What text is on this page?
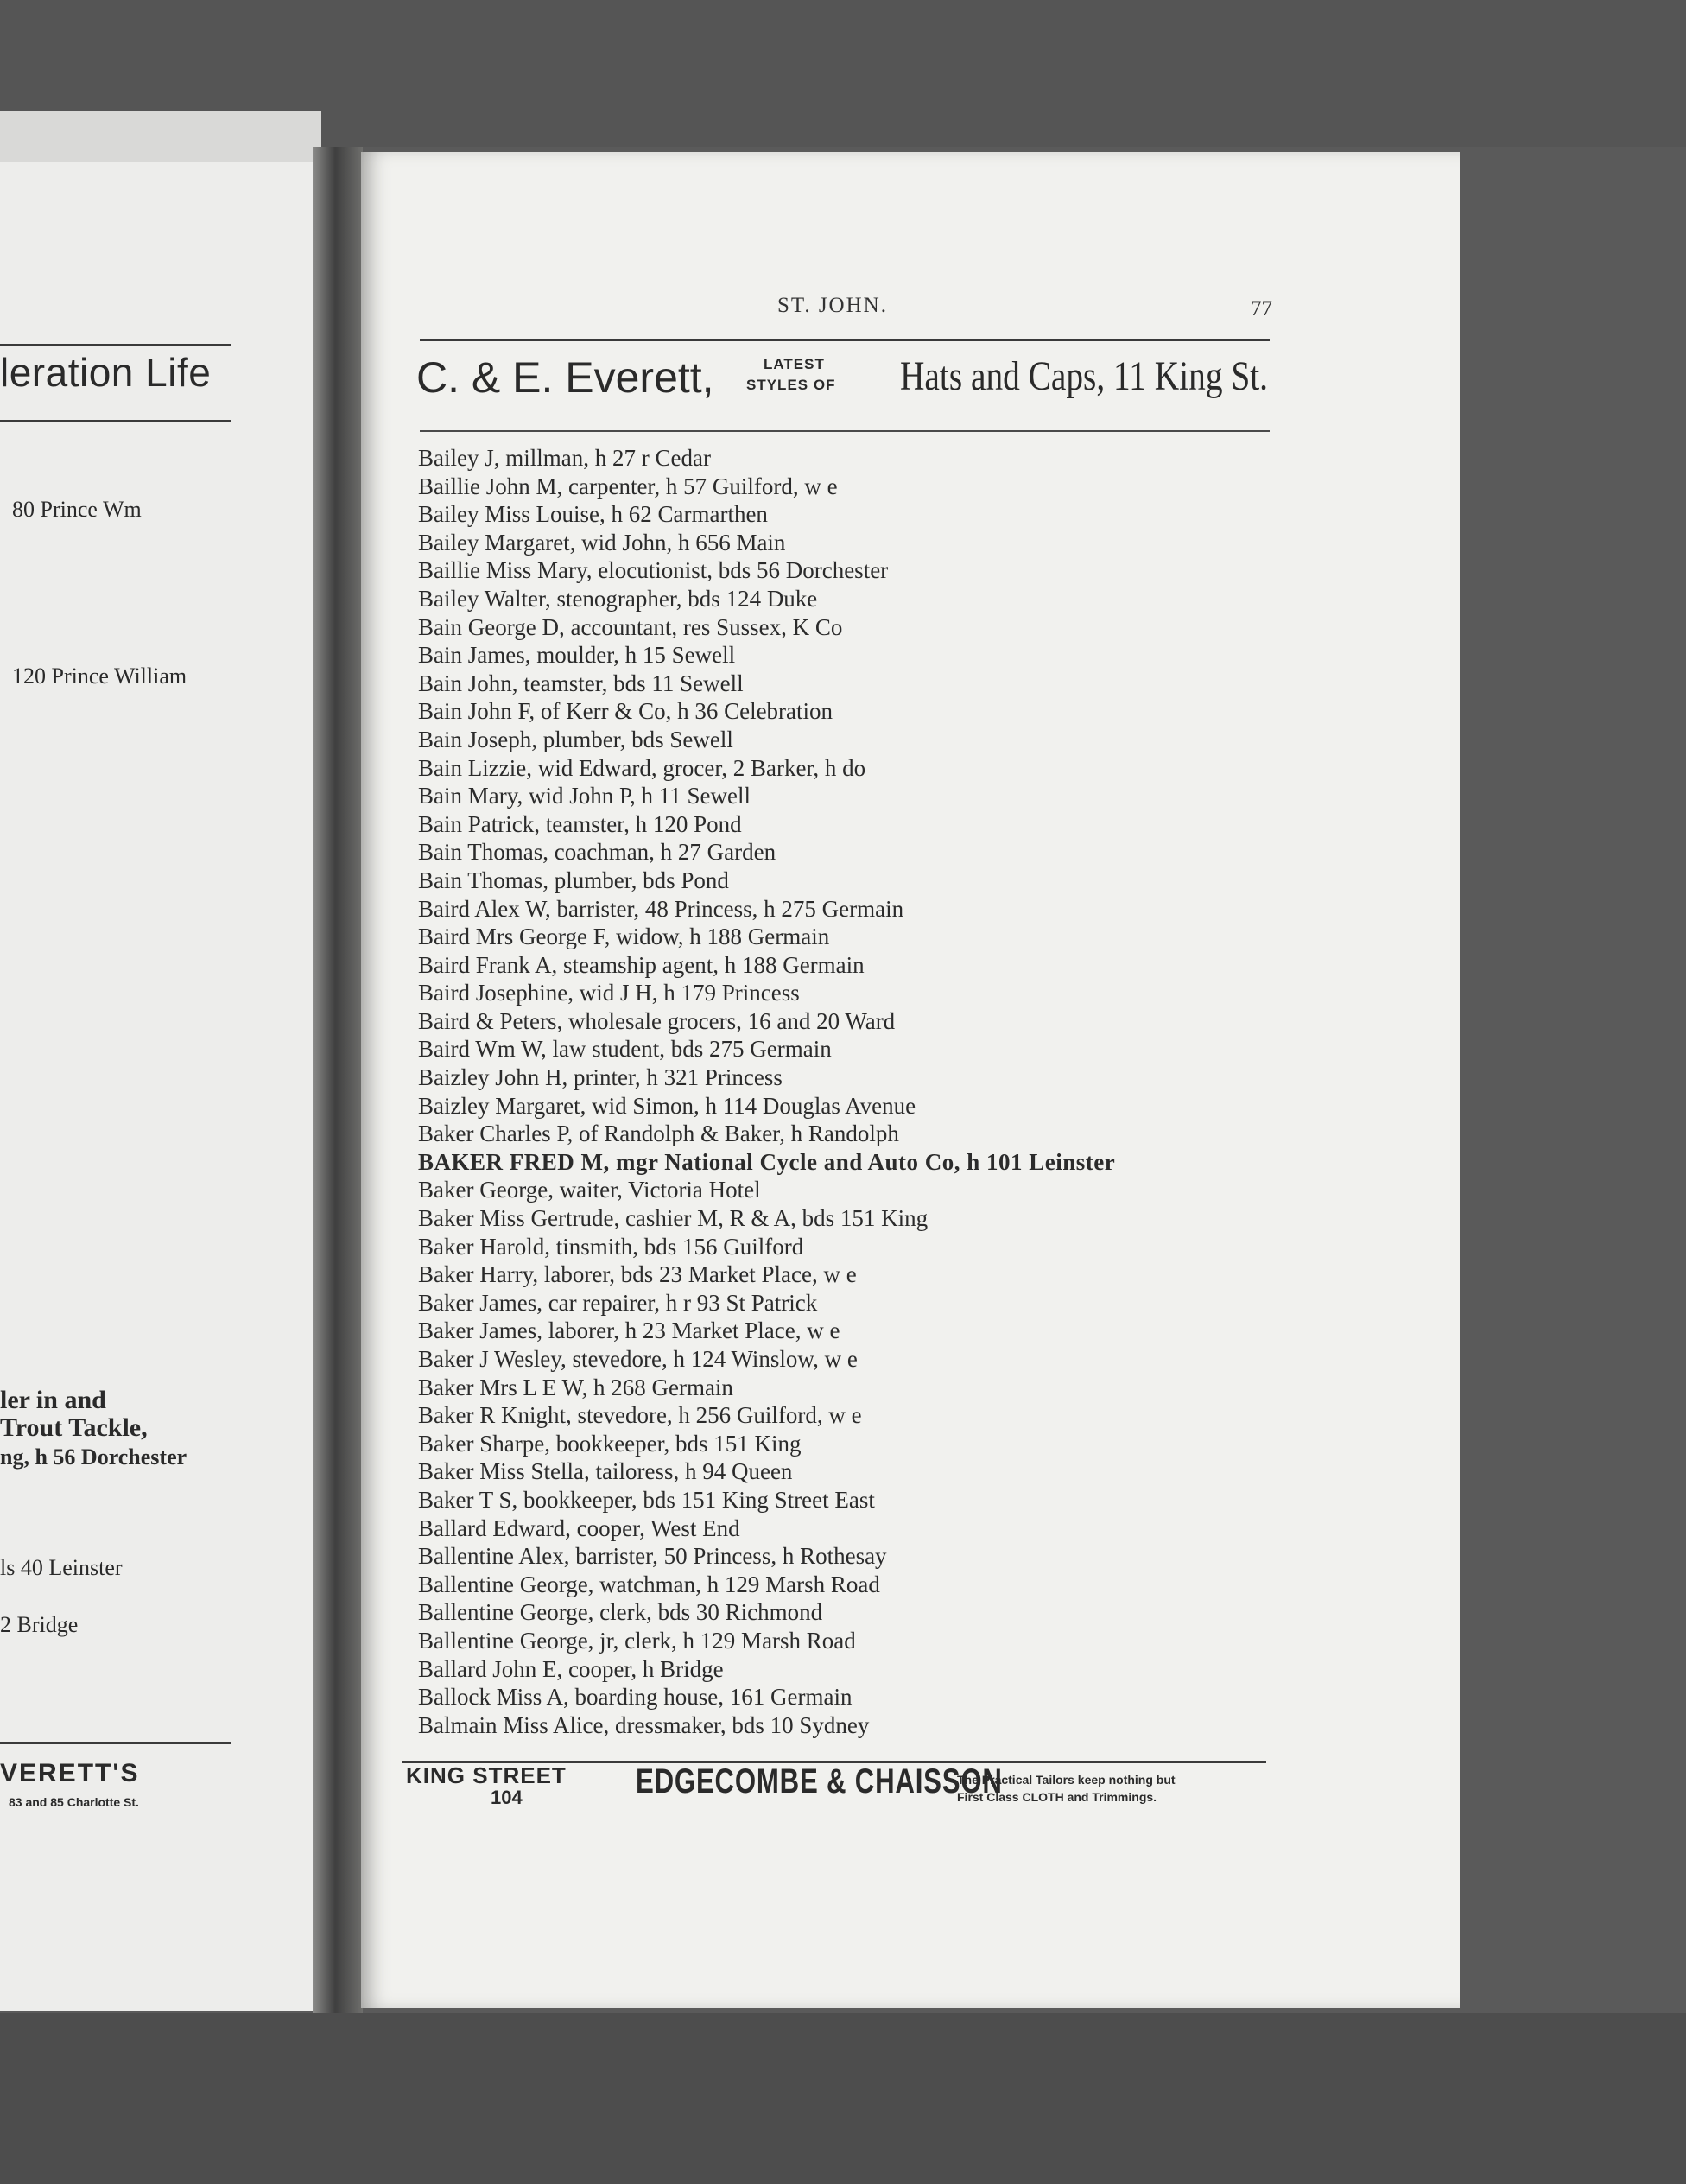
leration Life
80 Prince Wm
120 Prince William
ler in and
Trout Tackle,
ng, h 56 Dorchester
ls 40 Leinster
2 Bridge
VERETT'S
83 and 85 Charlotte St.
ST. JOHN.	77
C. & E. Everett,	LATEST
STYLES OF Hats and Caps, 11 King St.
Bailey J, millman, h 27 r Cedar
Baillie John M, carpenter, h 57 Guilford, w e
Bailey Miss Louise, h 62 Carmarthen
Bailey Margaret, wid John, h 656 Main
Baillie Miss Mary, elocutionist, bds 56 Dorchester
Bailey Walter, stenographer, bds 124 Duke
Bain George D, accountant, res Sussex, K Co
Bain James, moulder, h 15 Sewell
Bain John, teamster, bds 11 Sewell
Bain John F, of Kerr & Co, h 36 Celebration
Bain Joseph, plumber, bds Sewell
Bain Lizzie, wid Edward, grocer, 2 Barker, h do
Bain Mary, wid John P, h 11 Sewell
Bain Patrick, teamster, h 120 Pond
Bain Thomas, coachman, h 27 Garden
Bain Thomas, plumber, bds Pond
Baird Alex W, barrister, 48 Princess, h 275 Germain
Baird Mrs George F, widow, h 188 Germain
Baird Frank A, steamship agent, h 188 Germain
Baird Josephine, wid J H, h 179 Princess
Baird & Peters, wholesale grocers, 16 and 20 Ward
Baird Wm W, law student, bds 275 Germain
Baizley John H, printer, h 321 Princess
Baizley Margaret, wid Simon, h 114 Douglas Avenue
Baker Charles P, of Randolph & Baker, h Randolph
BAKER FRED M, mgr National Cycle and Auto Co, h 101 Leinster
Baker George, waiter, Victoria Hotel
Baker Miss Gertrude, cashier M, R & A, bds 151 King
Baker Harold, tinsmith, bds 156 Guilford
Baker Harry, laborer, bds 23 Market Place, w e
Baker James, car repairer, h r 93 St Patrick
Baker James, laborer, h 23 Market Place, w e
Baker J Wesley, stevedore, h 124 Winslow, w e
Baker Mrs L E W, h 268 Germain
Baker R Knight, stevedore, h 256 Guilford, w e
Baker Sharpe, bookkeeper, bds 151 King
Baker Miss Stella, tailoress, h 94 Queen
Baker T S, bookkeeper, bds 151 King Street East
Ballard Edward, cooper, West End
Ballentine Alex, barrister, 50 Princess, h Rothesay
Ballentine George, watchman, h 129 Marsh Road
Ballentine George, clerk, bds 30 Richmond
Ballentine George, jr, clerk, h 129 Marsh Road
Ballard John E, cooper, h Bridge
Ballock Miss A, boarding house, 161 Germain
Balmain Miss Alice, dressmaker, bds 10 Sydney
KING STREET
104	EDGECOMBE & CHAISSON
The Practical Tailors keep nothing but
First Class CLOTH and Trimmings.
